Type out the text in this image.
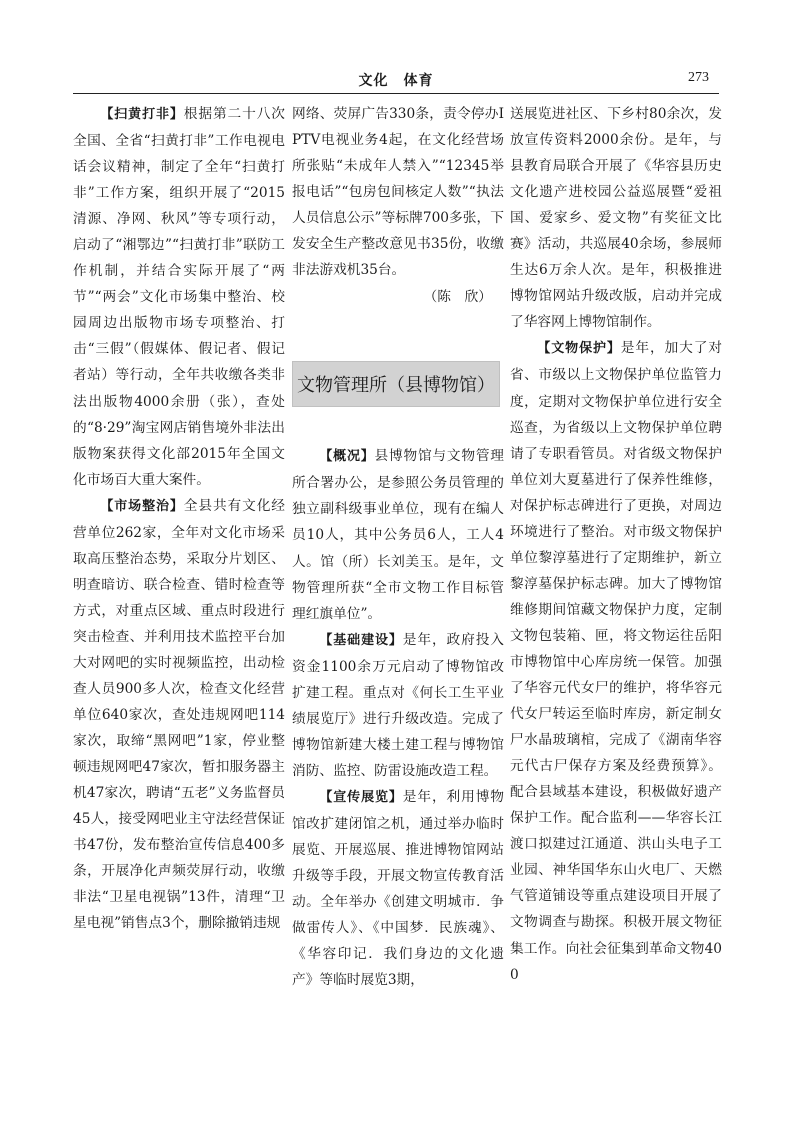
文化　体育	273

【扫黄打非】根据第二十八次全国、全省“扫黄打非”工作电视电话会议精神，制定了全年“扫黄打非”工作方案，组织开展了“2015清源、净网、秋风”等专项行动，启动了“湘鄂边”“扫黄打非”联防工作机制，并结合实际开展了“两节”“两会”文化市场集中整治、校园周边出版物市场专项整治、打击“三假”（假媒体、假记者、假记者站）等行动，全年共收缴各类非法出版物4000余册（张），查处的“8·29”淘宝网店销售境外非法出版物案获得文化部2015年全国文化市场百大重大案件。

【市场整治】全县共有文化经营单位262家，全年对文化市场采取高压整治态势，采取分片划区、明查暗访、联合检查、错时检查等方式，对重点区域、重点时段进行突击检查、并利用技术监控平台加大对网吧的实时视频监控，出动检查人员900多人次，检查文化经营单位640家次，查处违规网吧114家次，取缔“黑网吧”1家，停业整顿违规网吧47家次，暂扣服务器主机47家次，聘请“五老”义务监督员45人，接受网吧业主守法经营保证书47份，发布整治宣传信息400多条，开展净化声频荧屏行动，收缴非法“卫星电视锅”13件，清理“卫星电视”销售点3个，删除撤销违规

网络、荧屏广告330条，责令停办IPTV电视业务4起，在文化经营场所张贴“未成年人禁入”“12345举报电话”“包房包间核定人数”“执法人员信息公示”等标牌700多张，下发安全生产整改意见书35份，收缴非法游戏机35台。

（陈　欣）
文物管理所（县博物馆）

【概况】县博物馆与文物管理所合署办公，是参照公务员管理的独立副科级事业单位，现有在编人员10人，其中公务员6人，工人4人。馆（所）长刘美玉。是年，文物管理所获“全市文物工作目标管理红旗单位”。

【基础建设】是年，政府投入资金1100余万元启动了博物馆改扩建工程。重点对《何长工生平业绩展览厅》进行升级改造。完成了博物馆新建大楼土建工程与博物馆消防、监控、防雷设施改造工程。

【宣传展览】是年，利用博物馆改扩建闭馆之机，通过举办临时展览、开展巡展、推进博物馆网站升级等手段，开展文物宣传教育活动。全年举办《创建文明城市．争做雷传人》、《中国梦．民族魂》、《华容印记．我们身边的文化遗产》等临时展览3期，

送展览进社区、下乡村80余次，发放宣传资料2000余份。是年，与县教育局联合开展了《华容县历史文化遗产进校园公益巡展暨“爱祖国、爱家乡、爱文物”有奖征文比赛》活动，共巡展40余场，参展师生达6万余人次。是年，积极推进博物馆网站升级改版，启动并完成了华容网上博物馆制作。

【文物保护】是年，加大了对省、市级以上文物保护单位监管力度，定期对文物保护单位进行安全巡查，为省级以上文物保护单位聘请了专职看管员。对省级文物保护单位刘大夏墓进行了保养性维修，对保护标志碑进行了更换，对周边环境进行了整治。对市级文物保护单位黎淳墓进行了定期维护，新立黎淳墓保护标志碑。加大了博物馆维修期间馆藏文物保护力度，定制文物包装箱、匣，将文物运往岳阳市博物馆中心库房统一保管。加强了华容元代女尸的维护，将华容元代女尸转运至临时库房，新定制女尸水晶玻璃棺，完成了《湖南华容元代古尸保存方案及经费预算》。配合县域基本建设，积极做好遗产保护工作。配合监利——华容长江渡口拟建过江通道、洪山头电子工业园、神华国华东山火电厂、天燃气管道铺设等重点建设项目开展了文物调查与勘探。积极开展文物征集工作。向社会征集到革命文物400
